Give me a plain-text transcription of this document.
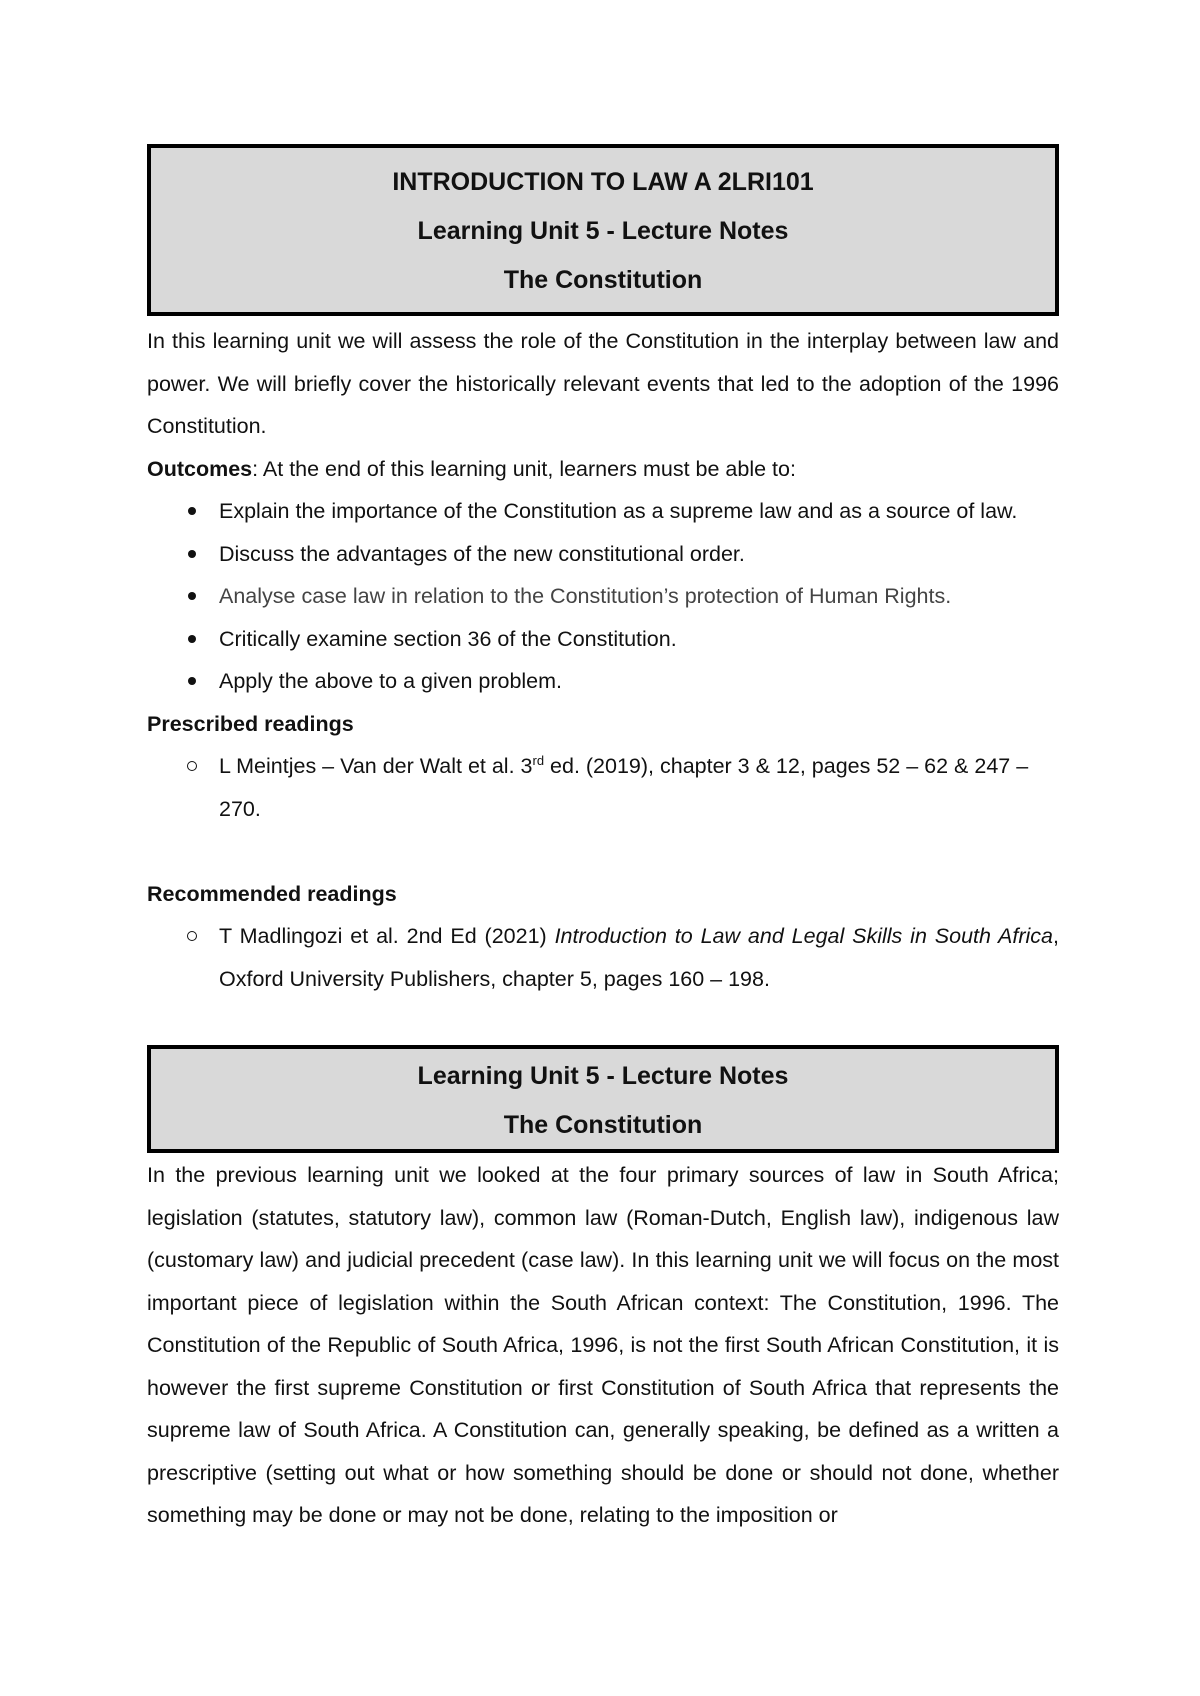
INTRODUCTION TO LAW A 2LRI101
Learning Unit 5 - Lecture Notes
The Constitution

In this learning unit we will assess the role of the Constitution in the interplay between law and power. We will briefly cover the historically relevant events that led to the adoption of the 1996 Constitution.

Outcomes: At the end of this learning unit, learners must be able to:

Explain the importance of the Constitution as a supreme law and as a source of law.
Discuss the advantages of the new constitutional order.
Analyse case law in relation to the Constitution’s protection of Human Rights.
Critically examine section 36 of the Constitution.
Apply the above to a given problem.

Prescribed readings

L Meintjes – Van der Walt et al. 3rd ed. (2019), chapter 3 & 12, pages 52 – 62 & 247 – 270.

Recommended readings

T Madlingozi et al. 2nd Ed (2021) Introduction to Law and Legal Skills in South Africa, Oxford University Publishers, chapter 5, pages 160 – 198.
Learning Unit 5 - Lecture Notes
The Constitution

In the previous learning unit we looked at the four primary sources of law in South Africa; legislation (statutes, statutory law), common law (Roman-Dutch, English law), indigenous law (customary law) and judicial precedent (case law). In this learning unit we will focus on the most important piece of legislation within the South African context: The Constitution, 1996. The Constitution of the Republic of South Africa, 1996, is not the first South African Constitution, it is however the first supreme Constitution or first Constitution of South Africa that represents the supreme law of South Africa. A Constitution can, generally speaking, be defined as a written a prescriptive (setting out what or how something should be done or should not done, whether something may be done or may not be done, relating to the imposition or
